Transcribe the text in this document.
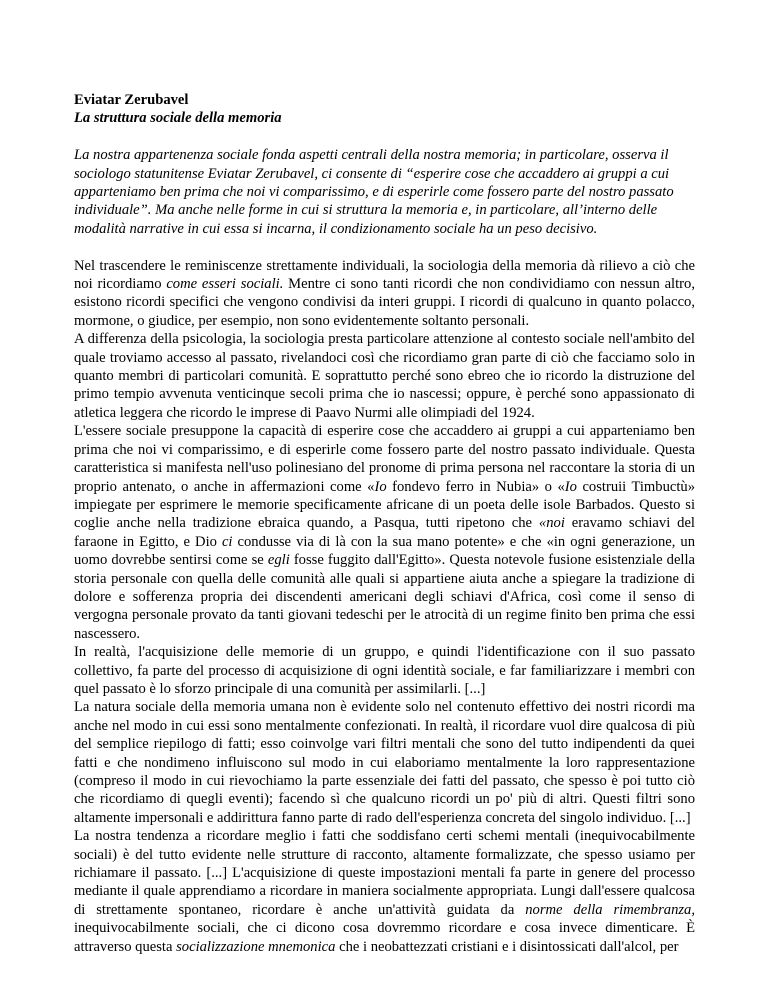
Eviatar Zerubavel
La struttura sociale della memoria
La nostra appartenenza sociale fonda aspetti centrali della nostra memoria; in particolare, osserva il sociologo statunitense Eviatar Zerubavel, ci consente di “esperire cose che accaddero ai gruppi a cui apparteniamo ben prima che noi vi comparissimo, e di esperirle come fossero parte del nostro passato individuale”. Ma anche nelle forme in cui si struttura la memoria e, in particolare, all’interno delle modalità narrative in cui essa si incarna, il condizionamento sociale ha un peso decisivo.

Nel trascendere le reminiscenze strettamente individuali, la sociologia della memoria dà rilievo a ciò che noi ricordiamo come esseri sociali. Mentre ci sono tanti ricordi che non condividiamo con nessun altro, esistono ricordi specifici che vengono condivisi da interi gruppi. I ricordi di qualcuno in quanto polacco, mormone, o giudice, per esempio, non sono evidentemente soltanto personali.

A differenza della psicologia, la sociologia presta particolare attenzione al contesto sociale nell'ambito del quale troviamo accesso al passato, rivelandoci così che ricordiamo gran parte di ciò che facciamo solo in quanto membri di particolari comunità. E soprattutto perché sono ebreo che io ricordo la distruzione del primo tempio avvenuta venticinque secoli prima che io nascessi; oppure, è perché sono appassionato di atletica leggera che ricordo le imprese di Paavo Nurmi alle olimpiadi del 1924.

L'essere sociale presuppone la capacità di esperire cose che accaddero ai gruppi a cui apparteniamo ben prima che noi vi comparissimo, e di esperirle come fossero parte del nostro passato individuale. Questa caratteristica si manifesta nell'uso polinesiano del pronome di prima persona nel raccontare la storia di un proprio antenato, o anche in affermazioni come «Io fondevo ferro in Nubia» o «Io costruii Timbuctù» impiegate per esprimere le memorie specificamente africane di un poeta delle isole Barbados. Questo si coglie anche nella tradizione ebraica quando, a Pasqua, tutti ripetono che «noi eravamo schiavi del faraone in Egitto, e Dio ci condusse via di là con la sua mano potente» e che «in ogni generazione, un uomo dovrebbe sentirsi come se egli fosse fuggito dall'Egitto». Questa notevole fusione esistenziale della storia personale con quella delle comunità alle quali si appartiene aiuta anche a spiegare la tradizione di dolore e sofferenza propria dei discendenti americani degli schiavi d'Africa, così come il senso di vergogna personale provato da tanti giovani tedeschi per le atrocità di un regime finito ben prima che essi nascessero.

In realtà, l'acquisizione delle memorie di un gruppo, e quindi l'identificazione con il suo passato collettivo, fa parte del processo di acquisizione di ogni identità sociale, e far familiarizzare i membri con quel passato è lo sforzo principale di una comunità per assimilarli. [...]

La natura sociale della memoria umana non è evidente solo nel contenuto effettivo dei nostri ricordi ma anche nel modo in cui essi sono mentalmente confezionati. In realtà, il ricordare vuol dire qualcosa di più del semplice riepilogo di fatti; esso coinvolge vari filtri mentali che sono del tutto indipendenti da quei fatti e che nondimeno influiscono sul modo in cui elaboriamo mentalmente la loro rappresentazione (compreso il modo in cui rievochiamo la parte essenziale dei fatti del passato, che spesso è poi tutto ciò che ricordiamo di quegli eventi); facendo sì che qualcuno ricordi un po' più di altri. Questi filtri sono altamente impersonali e addirittura fanno parte di rado dell'esperienza concreta del singolo individuo. [...]

La nostra tendenza a ricordare meglio i fatti che soddisfano certi schemi mentali (inequivocabilmente sociali) è del tutto evidente nelle strutture di racconto, altamente formalizzate, che spesso usiamo per richiamare il passato. [...] L'acquisizione di queste impostazioni mentali fa parte in genere del processo mediante il quale apprendiamo a ricordare in maniera socialmente appropriata. Lungi dall'essere qualcosa di strettamente spontaneo, ricordare è anche un'attività guidata da norme della rimembranza, inequivocabilmente sociali, che ci dicono cosa dovremmo ricordare e cosa invece dimenticare. È attraverso questa socializzazione mnemonica che i neobattezzati cristiani e i disintossicati dall'alcol, per
